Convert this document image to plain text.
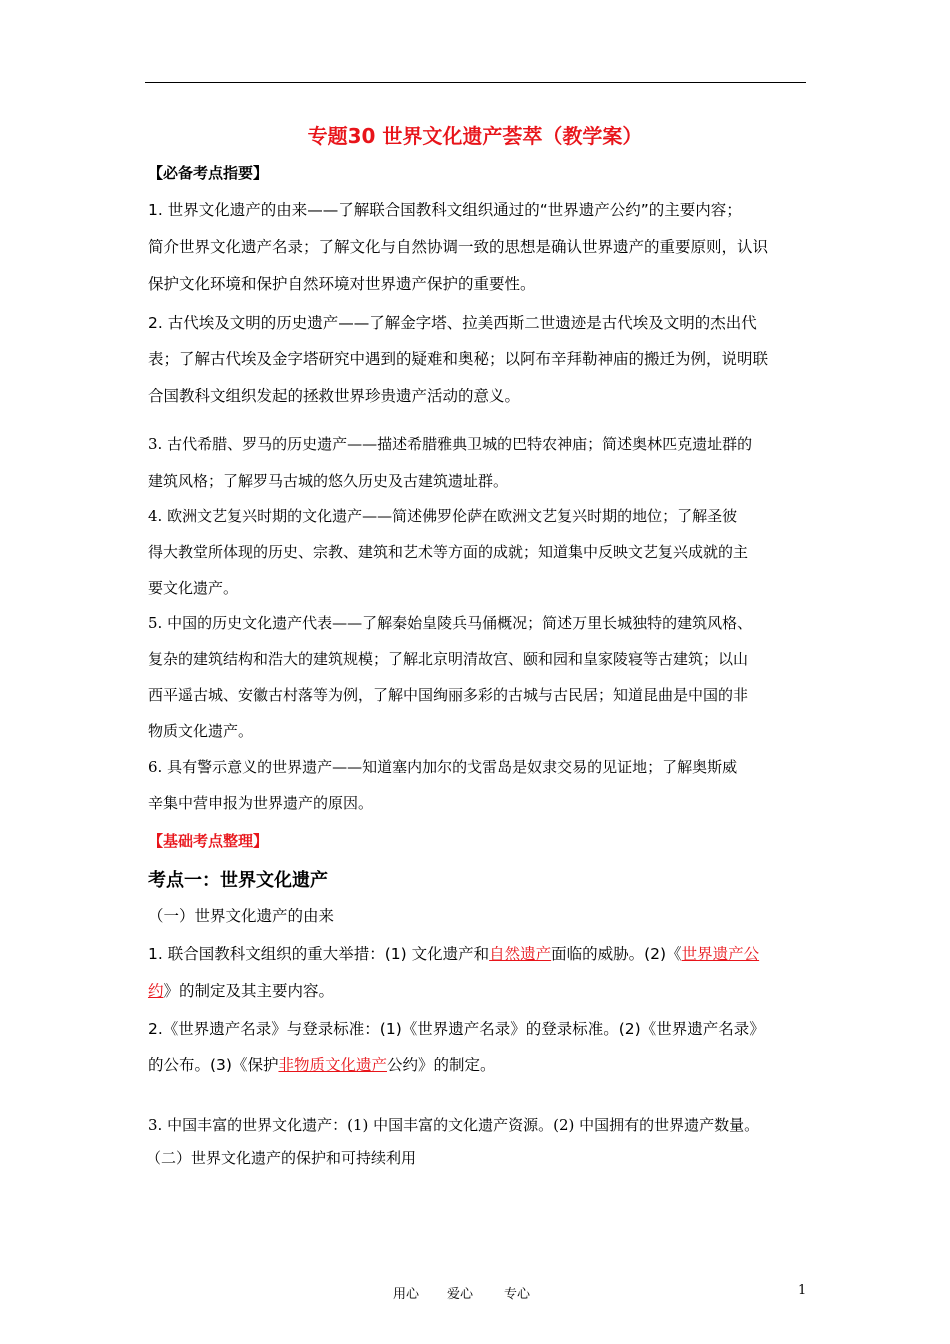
专题30 世界文化遗产荟萃（教学案）
【必备考点指要】
1. 世界文化遗产的由来——了解联合国教科文组织通过的“世界遗产公约”的主要内容；
简介世界文化遗产名录；了解文化与自然协调一致的思想是确认世界遗产的重要原则，认识
保护文化环境和保护自然环境对世界遗产保护的重要性。
2. 古代埃及文明的历史遗产——了解金字塔、拉美西斯二世遗迹是古代埃及文明的杰出代
表；了解古代埃及金字塔研究中遇到的疑难和奥秘；以阿布辛拜勒神庙的搬迁为例，说明联
合国教科文组织发起的拯救世界珍贵遗产活动的意义。
3. 古代希腊、罗马的历史遗产——描述希腊雅典卫城的巴特农神庙；简述奥林匹克遗址群的
建筑风格；了解罗马古城的悠久历史及古建筑遗址群。
4. 欧洲文艺复兴时期的文化遗产——简述佛罗伦萨在欧洲文艺复兴时期的地位；了解圣彼
得大教堂所体现的历史、宗教、建筑和艺术等方面的成就；知道集中反映文艺复兴成就的主
要文化遗产。
5. 中国的历史文化遗产代表——了解秦始皇陵兵马俑概况；简述万里长城独特的建筑风格、
复杂的建筑结构和浩大的建筑规模；了解北京明清故宫、颐和园和皇家陵寝等古建筑；以山
西平遥古城、安徽古村落等为例，了解中国绚丽多彩的古城与古民居；知道昆曲是中国的非
物质文化遗产。
6. 具有警示意义的世界遗产——知道塞内加尔的戈雷岛是奴隶交易的见证地；了解奥斯威
辛集中营申报为世界遗产的原因。
【基础考点整理】
考点一：世界文化遗产
（一）世界文化遗产的由来
1. 联合国教科文组织的重大举措：(1) 文化遗产和自然遗产面临的威胁。(2)《世界遗产公
约》的制定及其主要内容。
2.《世界遗产名录》与登录标准：(1)《世界遗产名录》的登录标准。(2)《世界遗产名录》
的公布。(3)《保护非物质文化遗产公约》的制定。
3. 中国丰富的世界文化遗产：(1) 中国丰富的文化遗产资源。(2) 中国拥有的世界遗产数量。
（二）世界文化遗产的保护和可持续利用
用心 爱心 专心	1
